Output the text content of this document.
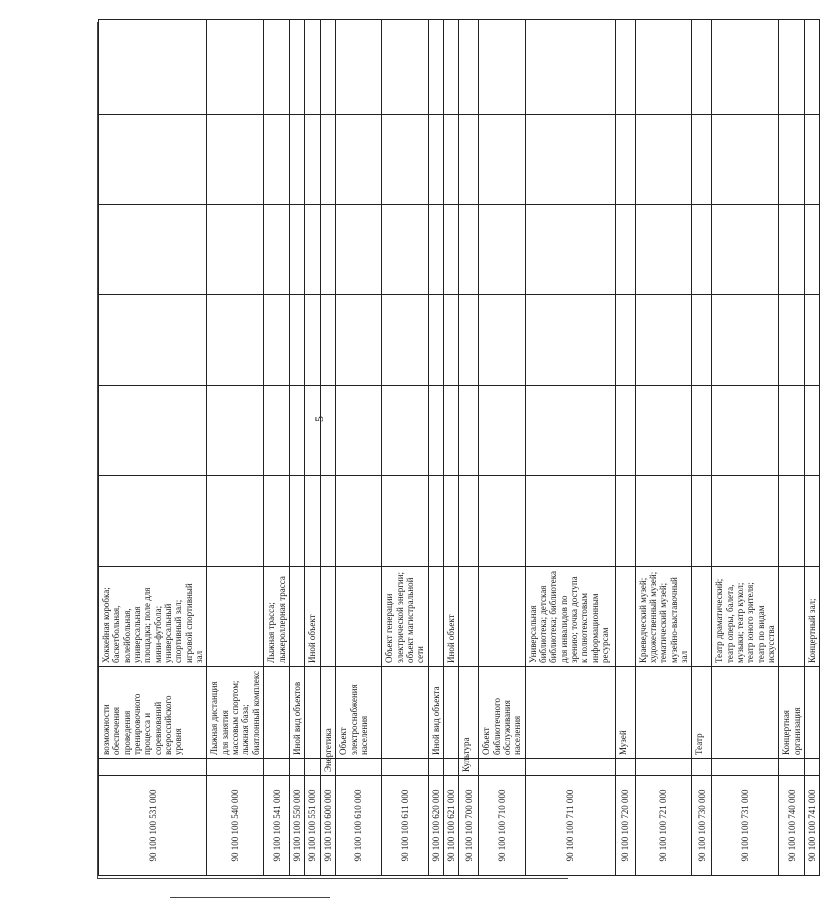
5
90 100 100 531 000		возможности обеспечения проведения тренировочного процесса и соревнований всероссийского уровня	Хоккейная коробка; баскетбольная, волейбольная, универсальная площадка; поле для мини-футбола; универсальный спортивный зал; игровой спортивный зал						
90 100 100 540 000		Лыжная дистанция для занятия массовым спортом; лыжная база; биатлонный комплекс							
90 100 100 541 000			Лыжная трасса; лыжероллерная трасса						
90 100 100 550 000		Иной вид объектов							
90 100 100 551 000			Иной объект						
90 100 100 600 000	Энергетика								
90 100 100 610 000		Объект электроснабжения населения							
90 100 100 611 000			Объект генерации электрической энергии; объект магистральной сети						
90 100 100 620 000		Иной вид объекта							
90 100 100 621 000			Иной объект						
90 100 100 700 000	Культура								
90 100 100 710 000		Объект библиотечного обслуживания населения							
90 100 100 711 000			Универсальная библиотека; детская библиотека; библиотека для инвалидов по зрению; точка доступа к полнотекстовым информационным ресурсам						
90 100 100 720 000		Музей							
90 100 100 721 000			Краеведческий музей; художественный музей; тематический музей; музейно-выставочный зал						
90 100 100 730 000		Театр							
90 100 100 731 000			Театр драматический; театр оперы, балета, музыки; театр кукол; театр юного зрителя; театр по видам искусства						
90 100 100 740 000		Концертная организация							
90 100 100 741 000			Концертный зал;						
